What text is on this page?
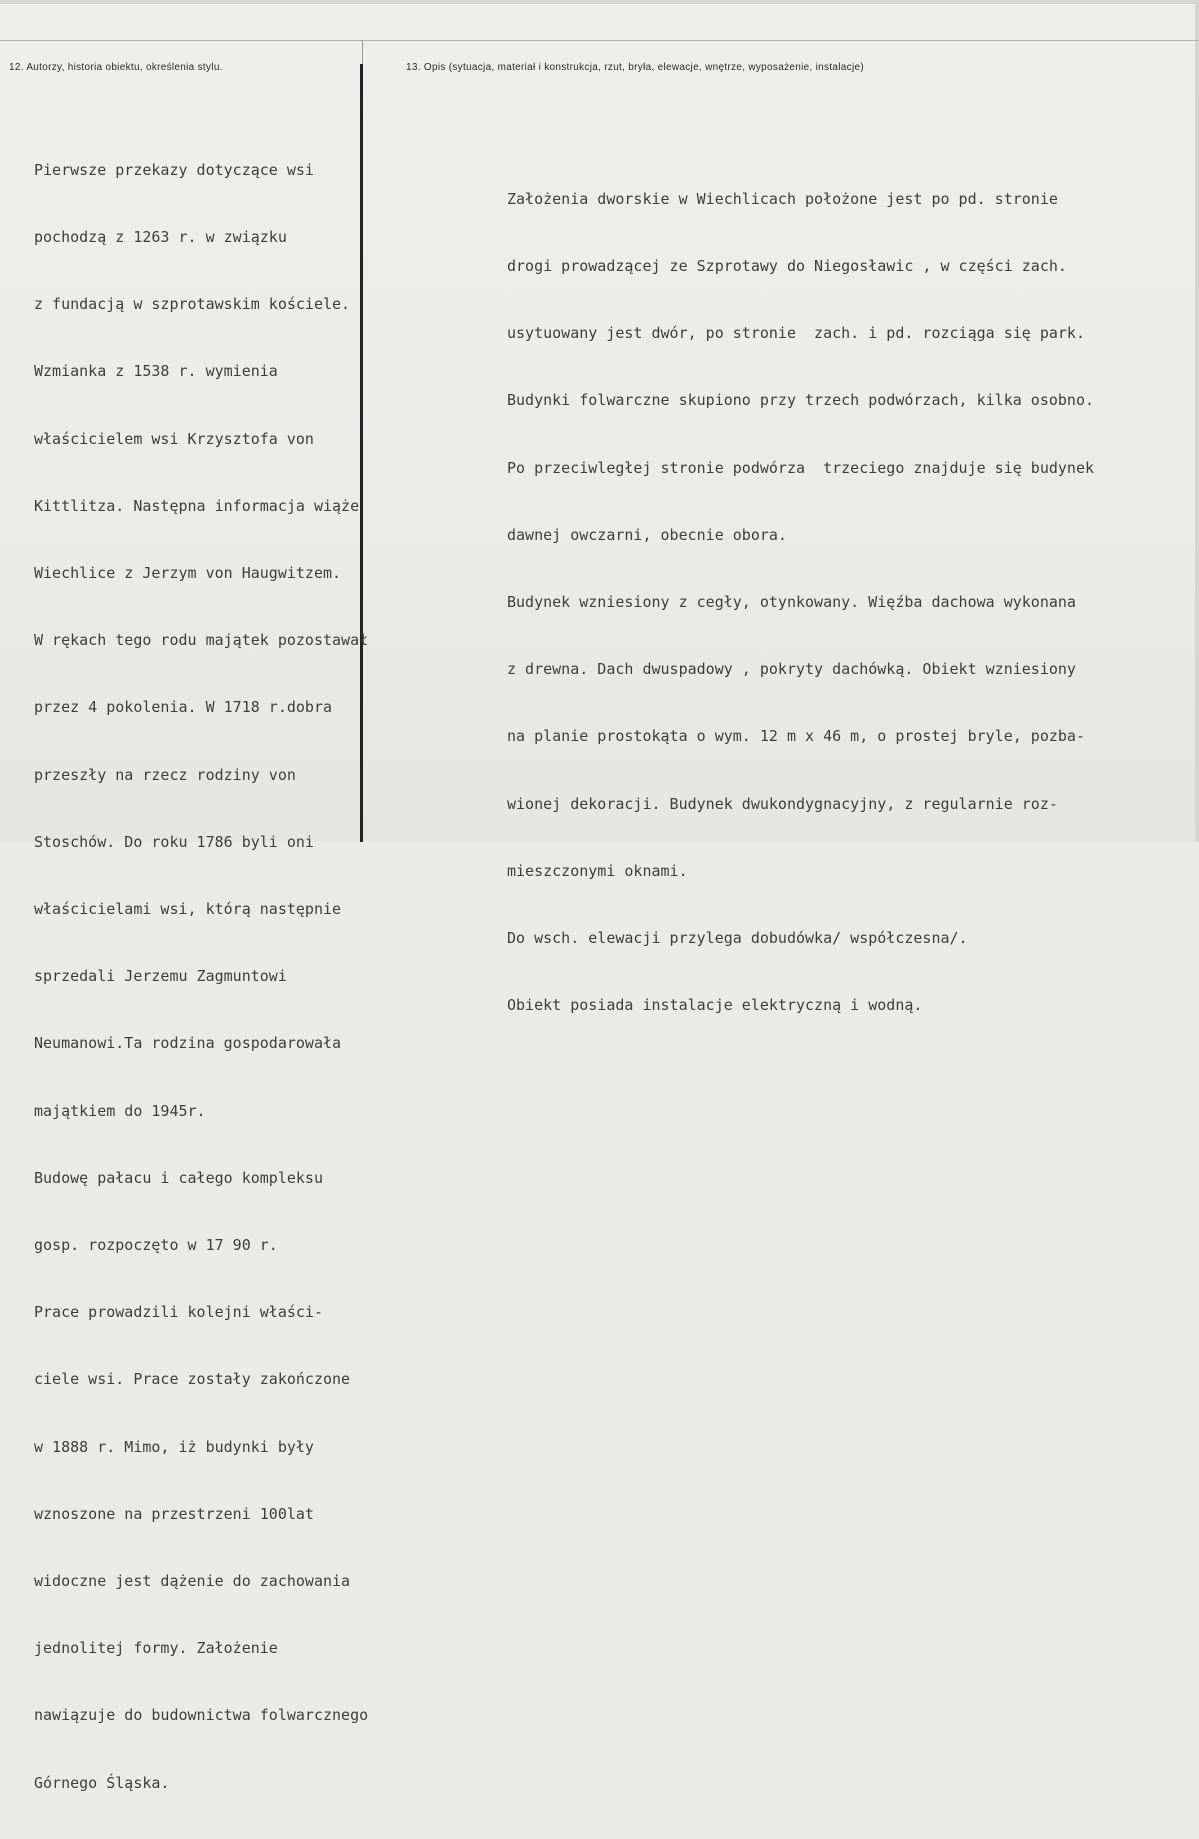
12. Autorzy, historia obiektu, określenia stylu.	13. Opis (sytuacja, materiał i konstrukcja, rzut, bryła, elewacje, wnętrze, wyposażenie, instalacje)

Pierwsze przekazy dotyczące wsi

pochodzą z 1263 r. w związku

z fundacją w szprotawskim kościele.

Wzmianka z 1538 r. wymienia

właścicielem wsi Krzysztofa von

Kittlitza. Następna informacja wiąże

Wiechlice z Jerzym von Haugwitzem.

W rękach tego rodu majątek pozostawał

przez 4 pokolenia. W 1718 r.dobra

przeszły na rzecz rodziny von

Stoschów. Do roku 1786 byli oni

właścicielami wsi, którą następnie

sprzedali Jerzemu Zagmuntowi

Neumanowi.Ta rodzina gospodarowała

majątkiem do 1945r.

Budowę pałacu i całego kompleksu

gosp. rozpoczęto w 17 90 r.

Prace prowadzili kolejni właści-

ciele wsi. Prace zostały zakończone

w 1888 r. Mimo, iż budynki były

wznoszone na przestrzeni 100lat

widoczne jest dążenie do zachowania

jednolitej formy. Założenie

nawiązuje do budownictwa folwarcznego

Górnego Śląska.

Założenia dworskie w Wiechlicach położone jest po pd. stronie

drogi prowadzącej ze Szprotawy do Niegosławic , w części zach.

usytuowany jest dwór, po stronie  zach. i pd. rozciąga się park.

Budynki folwarczne skupiono przy trzech podwórzach, kilka osobno.

Po przeciwległej stronie podwórza  trzeciego znajduje się budynek

dawnej owczarni, obecnie obora.

Budynek wzniesiony z cegły, otynkowany. Więźba dachowa wykonana

z drewna. Dach dwuspadowy , pokryty dachówką. Obiekt wzniesiony

na planie prostokąta o wym. 12 m x 46 m, o prostej bryle, pozba-

wionej dekoracji. Budynek dwukondygnacyjny, z regularnie roz-

mieszczonymi oknami.

Do wsch. elewacji przylega dobudówka/ współczesna/.

Obiekt posiada instalacje elektryczną i wodną.
